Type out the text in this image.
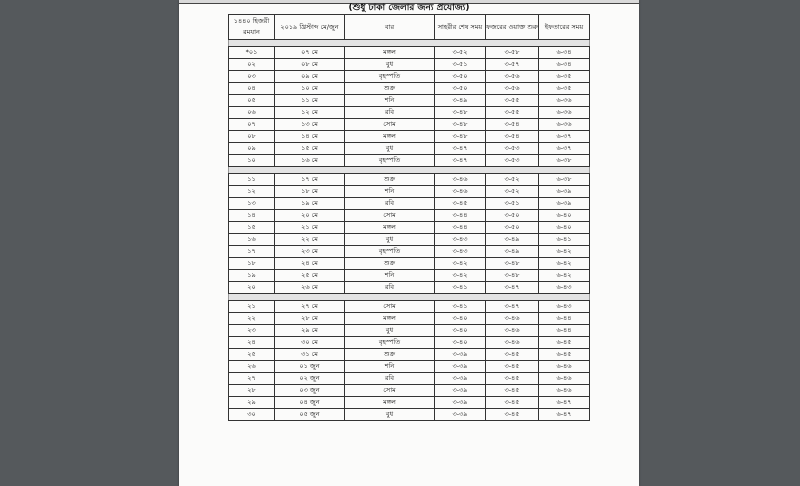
(শুধু ঢাকা জেলার জন্য প্রযোজ্য)
১৪৪০ হিজরী রমযান	২০১৯ খ্রিস্টাব্দ মে/জুন	বার	সাহরীর শেষ সময়	ফজরের ওয়াক্ত শুরু	ইফতারের সময়

*০১	০৭ মে	মঙ্গল	৩-৫২	৩-৫৮	৬-৩৪
০২	০৮ মে	বুধ	৩-৫১	৩-৫৭	৬-৩৪
০৩	০৯ মে	বৃহস্পতি	৩-৫০	৩-৫৬	৬-৩৫
০৪	১০ মে	শুক্র	৩-৫০	৩-৫৬	৬-৩৫
০৫	১১ মে	শনি	৩-৪৯	৩-৫৫	৬-৩৬
০৬	১২ মে	রবি	৩-৪৮	৩-৫৫	৬-৩৬
০৭	১৩ মে	সোম	৩-৪৮	৩-৫৪	৬-৩৬
০৮	১৪ মে	মঙ্গল	৩-৪৮	৩-৫৪	৬-৩৭
০৯	১৫ মে	বুধ	৩-৪৭	৩-৫৩	৬-৩৭
১০	১৬ মে	বৃহস্পতি	৩-৪৭	৩-৫৩	৬-৩৮

১১	১৭ মে	শুক্র	৩-৪৬	৩-৫২	৬-৩৮
১২	১৮ মে	শনি	৩-৪৬	৩-৫২	৬-৩৯
১৩	১৯ মে	রবি	৩-৪৫	৩-৫১	৬-৩৯
১৪	২০ মে	সোম	৩-৪৪	৩-৫০	৬-৪০
১৫	২১ মে	মঙ্গল	৩-৪৪	৩-৫০	৬-৪০
১৬	২২ মে	বুধ	৩-৪৩	৩-৪৯	৬-৪১
১৭	২৩ মে	বৃহস্পতি	৩-৪৩	৩-৪৯	৬-৪২
১৮	২৪ মে	শুক্র	৩-৪২	৩-৪৮	৬-৪২
১৯	২৫ মে	শনি	৩-৪২	৩-৪৮	৬-৪২
২০	২৬ মে	রবি	৩-৪১	৩-৪৭	৬-৪৩

২১	২৭ মে	সোম	৩-৪১	৩-৪৭	৬-৪৩
২২	২৮ মে	মঙ্গল	৩-৪০	৩-৪৬	৬-৪৪
২৩	২৯ মে	বুধ	৩-৪০	৩-৪৬	৬-৪৪
২৪	৩০ মে	বৃহস্পতি	৩-৪০	৩-৪৬	৬-৪৫
২৫	৩১ মে	শুক্র	৩-৩৯	৩-৪৫	৬-৪৫
২৬	০১ জুন	শনি	৩-৩৯	৩-৪৫	৬-৪৬
২৭	০২ জুন	রবি	৩-৩৯	৩-৪৫	৬-৪৬
২৮	০৩ জুন	সোম	৩-৩৯	৩-৪৫	৬-৪৬
২৯	০৪ জুন	মঙ্গল	৩-৩৯	৩-৪৫	৬-৪৭
৩০	০৫ জুন	বুধ	৩-৩৯	৩-৪৫	৬-৪৭
